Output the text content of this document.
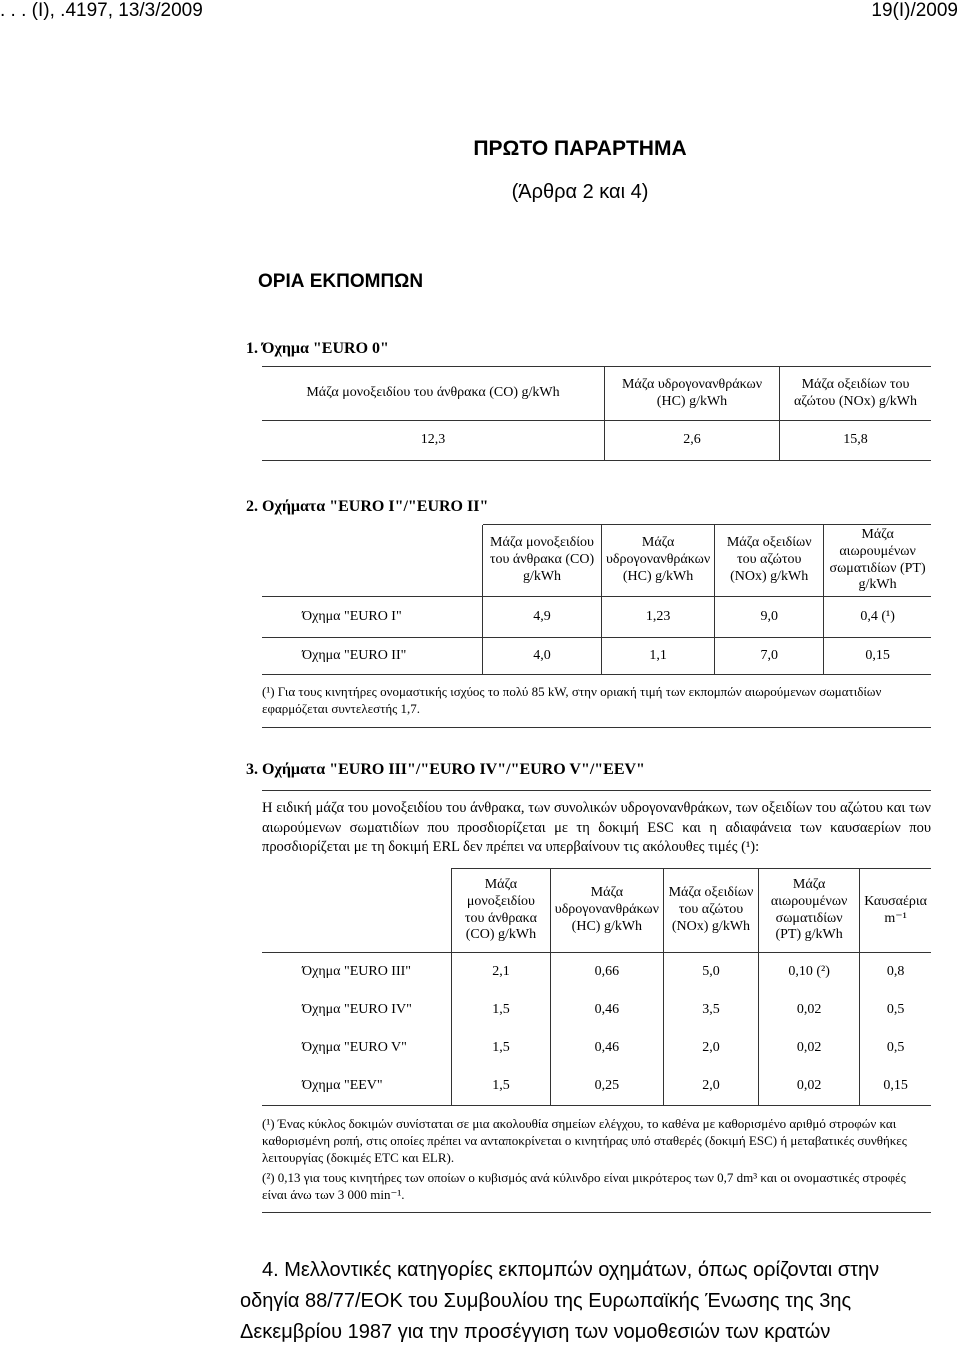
. . . (I), .4197, 13/3/2009	19(I)/2009
ΠΡΩΤΟ ΠΑΡΑΡΤΗΜΑ
(Άρθρα 2 και 4)
ΟΡΙΑ ΕΚΠΟΜΠΩΝ
1. Όχημα "EURO 0"
Μάζα μονοξειδίου του άνθρακα (CO) g/kWh	Μάζα υδρογονανθράκων (HC) g/kWh	Μάζα οξειδίων του αζώτου (NOx) g/kWh
12,3	2,6	15,8
2. Οχήματα "EURO I"/"EURO II"
	Μάζα μονοξειδίου του άνθρακα (CO) g/kWh	Μάζα υδρογονανθράκων (HC) g/kWh	Μάζα οξειδίων του αζώτου (NOx) g/kWh	Μάζα αιωρουμένων σωματιδίων (PT) g/kWh
Όχημα "EURO I"	4,9	1,23	9,0	0,4 (¹)
Όχημα "EURO II"	4,0	1,1	7,0	0,15
(¹) Για τους κινητήρες ονομαστικής ισχύος το πολύ 85 kW, στην οριακή τιμή των εκπομπών αιωρούμενων σωματιδίων εφαρμόζεται συντελεστής 1,7.
3. Οχήματα "EURO III"/"EURO IV"/"EURO V"/"EEV"
Η ειδική μάζα του μονοξειδίου του άνθρακα, των συνολικών υδρογονανθράκων, των οξειδίων του αζώτου και των αιωρούμενων σωματιδίων που προσδιορίζεται με τη δοκιμή ESC και η αδιαφάνεια των καυσαερίων που προσδιορίζεται με τη δοκιμή ERL δεν πρέπει να υπερβαίνουν τις ακόλουθες τιμές (¹):
	Μάζα μονοξειδίου του άνθρακα (CO) g/kWh	Μάζα υδρογονανθράκων (HC) g/kWh	Μάζα οξειδίων του αζώτου (NOx) g/kWh	Μάζα αιωρουμένων σωματιδίων (PT) g/kWh	Καυσαέρια m⁻¹
Όχημα "EURO III"	2,1	0,66	5,0	0,10 (²)	0,8
Όχημα "EURO IV"	1,5	0,46	3,5	0,02	0,5
Όχημα "EURO V"	1,5	0,46	2,0	0,02	0,5
Όχημα "EEV"	1,5	0,25	2,0	0,02	0,15
(¹) Ένας κύκλος δοκιμών συνίσταται σε μια ακολουθία σημείων ελέγχου, το καθένα με καθορισμένο αριθμό στροφών και καθορισμένη ροπή, στις οποίες πρέπει να ανταποκρίνεται ο κινητήρας υπό σταθερές (δοκιμή ESC) ή μεταβατικές συνθήκες λειτουργίας (δοκιμές ETC και ELR).
(²) 0,13 για τους κινητήρες των οποίων ο κυβισμός ανά κύλινδρο είναι μικρότερος των 0,7 dm³ και οι ονομαστικές στροφές είναι άνω των 3 000 min⁻¹.
4. Μελλοντικές κατηγορίες εκπομπών οχημάτων, όπως ορίζονται στην
οδηγία 88/77/ΕΟΚ του Συμβουλίου της Ευρωπαϊκής Ένωσης της 3ης
Δεκεμβρίου 1987 για την προσέγγιση των νομοθεσιών των κρατών
